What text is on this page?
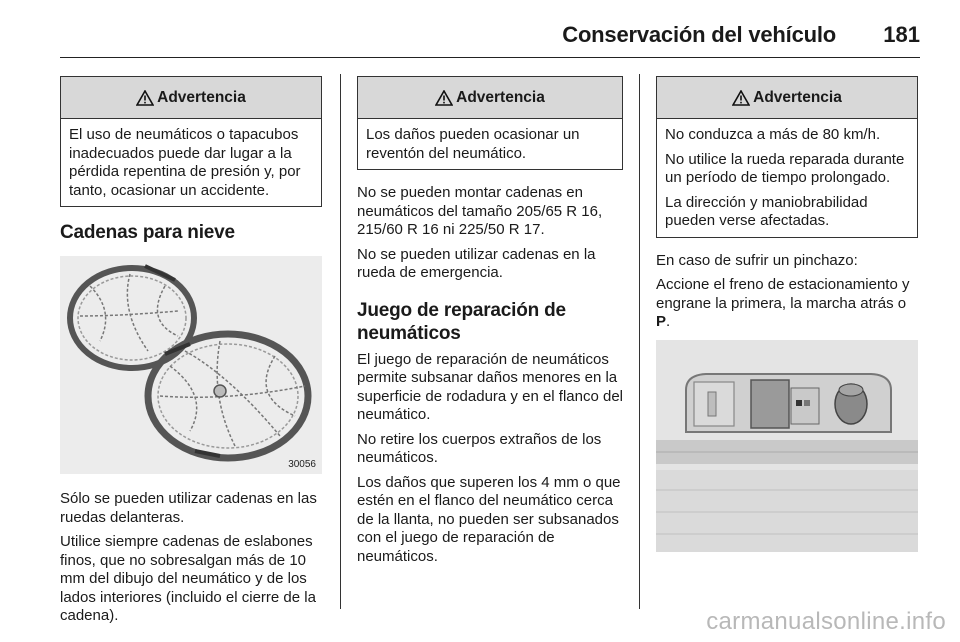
Conservación del vehículo 181
Advertencia

El uso de neumáticos o tapacubos inadecuados puede dar lugar a la pérdida repentina de presión y, por tanto, ocasionar un accidente.

Cadenas para nieve
30056

Sólo se pueden utilizar cadenas en las ruedas delanteras.

Utilice siempre cadenas de eslabones finos, que no sobresalgan más de 10 mm del dibujo del neumático y de los lados interiores (incluido el cierre de la cadena).

Advertencia

Los daños pueden ocasionar un reventón del neumático.

No se pueden montar cadenas en neumáticos del tamaño 205/65 R 16, 215/60 R 16 ni 225/50 R 17.

No se pueden utilizar cadenas en la rueda de emergencia.

Juego de reparación de neumáticos

El juego de reparación de neumáticos permite subsanar daños menores en la superficie de rodadura y en el flanco del neumático.

No retire los cuerpos extraños de los neumáticos.

Los daños que superen los 4 mm o que estén en el flanco del neumático cerca de la llanta, no pueden ser subsanados con el juego de reparación de neumáticos.

Advertencia

No conduzca a más de 80 km/h.

No utilice la rueda reparada durante un período de tiempo prolongado.

La dirección y maniobrabilidad pueden verse afectadas.

En caso de sufrir un pinchazo:

Accione el freno de estacionamiento y engrane la primera, la marcha atrás o P.

carmanualsonline.info
